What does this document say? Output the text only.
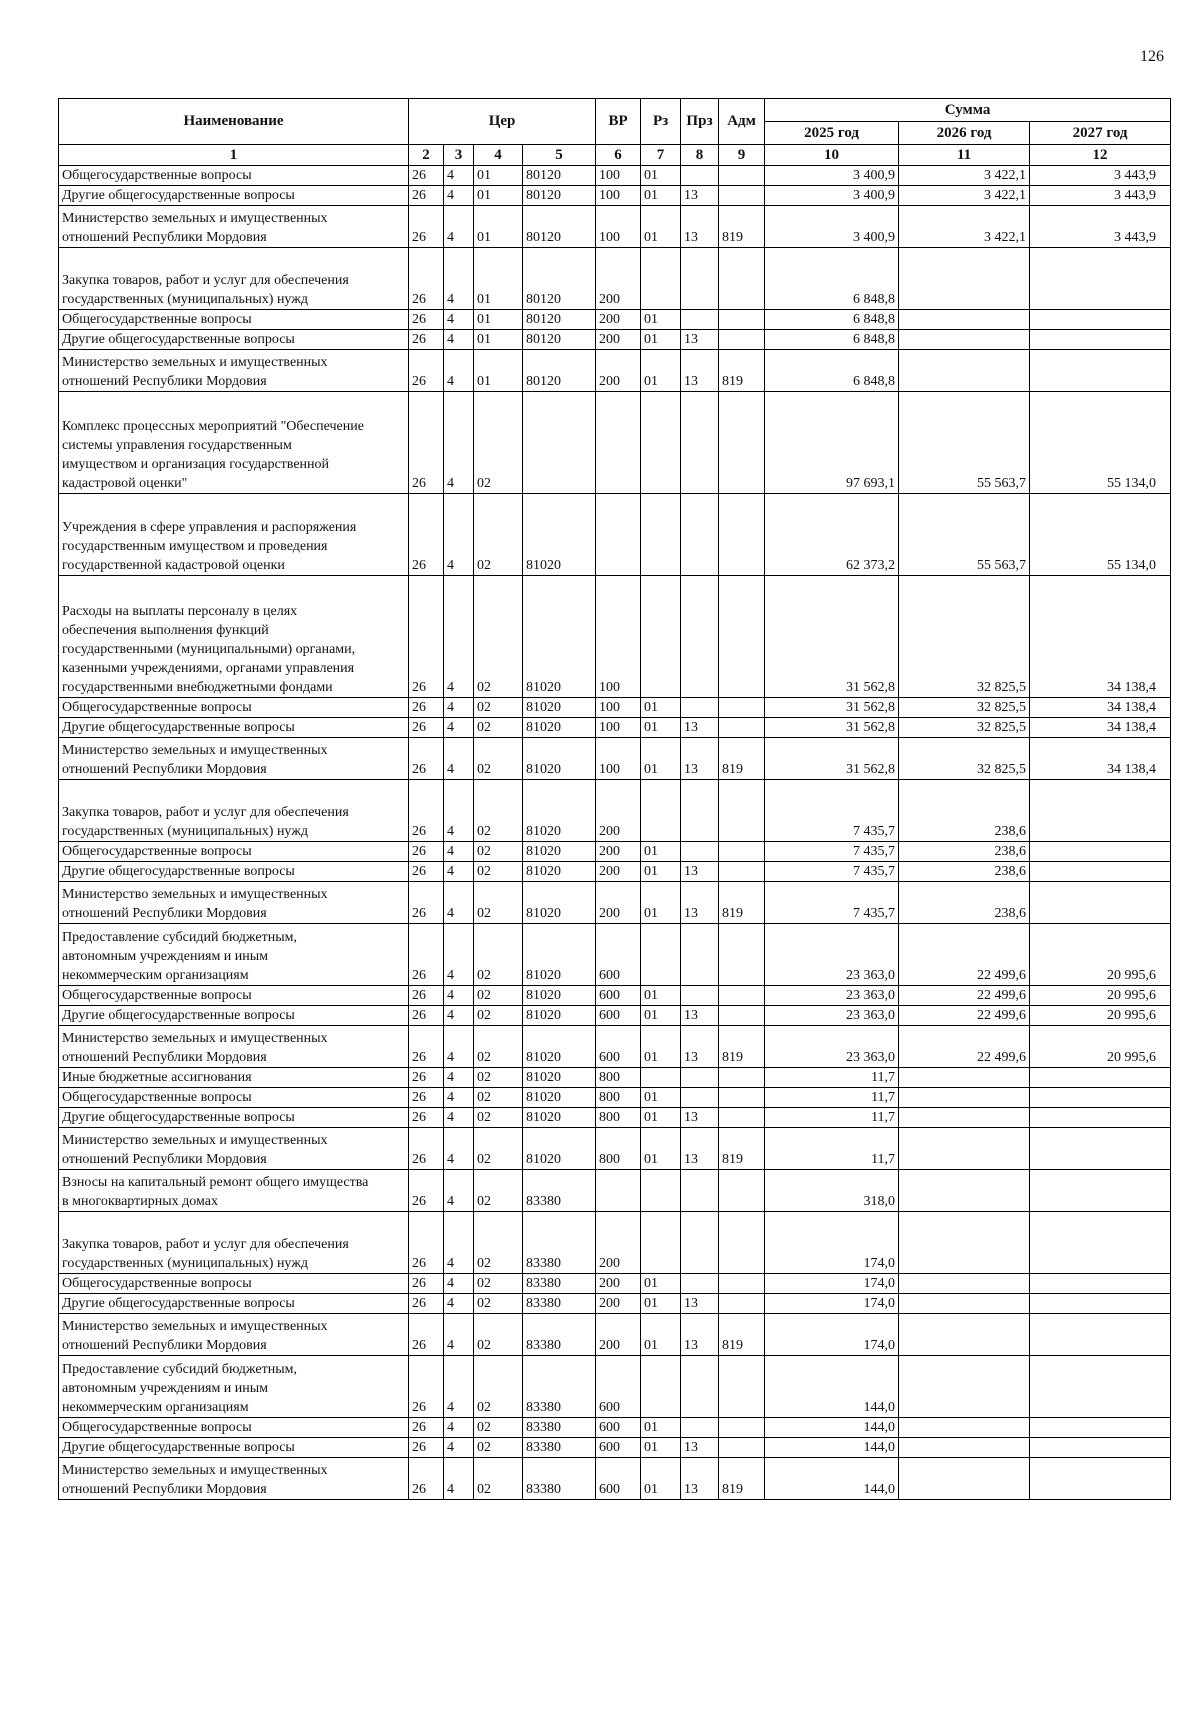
126
Наименование	Цер				ВР	Рз	Прз	Адм	Сумма		
									2025 год	2026 год	2027 год
1	2	3	4	5	6	7	8	9	10	11	12
Общегосударственные вопросы	26	4	01	80120	100	01			3 400,9	3 422,1	3 443,9
Другие общегосударственные вопросы	26	4	01	80120	100	01	13		3 400,9	3 422,1	3 443,9
Министерство земельных и имущественных
отношений Республики Мордовия	26	4	01	80120	100	01	13	819	3 400,9	3 422,1	3 443,9

Закупка товаров, работ и услуг для обеспечения
государственных (муниципальных) нужд	26	4	01	80120	200				6 848,8		
Общегосударственные вопросы	26	4	01	80120	200	01			6 848,8		
Другие общегосударственные вопросы	26	4	01	80120	200	01	13		6 848,8		
Министерство земельных и имущественных
отношений Республики Мордовия	26	4	01	80120	200	01	13	819	6 848,8		

Комплекс процессных мероприятий "Обеспечение
системы управления государственным
имуществом и организация государственной
кадастровой оценки"	26	4	02						97 693,1	55 563,7	55 134,0

Учреждения в сфере управления и распоряжения
государственным имуществом и проведения
государственной кадастровой оценки	26	4	02	81020					62 373,2	55 563,7	55 134,0

Расходы на выплаты персоналу в целях
обеспечения выполнения функций
государственными (муниципальными) органами,
казенными учреждениями, органами управления
государственными внебюджетными фондами	26	4	02	81020	100				31 562,8	32 825,5	34 138,4
Общегосударственные вопросы	26	4	02	81020	100	01			31 562,8	32 825,5	34 138,4
Другие общегосударственные вопросы	26	4	02	81020	100	01	13		31 562,8	32 825,5	34 138,4
Министерство земельных и имущественных
отношений Республики Мордовия	26	4	02	81020	100	01	13	819	31 562,8	32 825,5	34 138,4

Закупка товаров, работ и услуг для обеспечения
государственных (муниципальных) нужд	26	4	02	81020	200				7 435,7	238,6	
Общегосударственные вопросы	26	4	02	81020	200	01			7 435,7	238,6	
Другие общегосударственные вопросы	26	4	02	81020	200	01	13		7 435,7	238,6	
Министерство земельных и имущественных
отношений Республики Мордовия	26	4	02	81020	200	01	13	819	7 435,7	238,6	
Предоставление субсидий бюджетным,
автономным учреждениям и иным
некоммерческим организациям	26	4	02	81020	600				23 363,0	22 499,6	20 995,6
Общегосударственные вопросы	26	4	02	81020	600	01			23 363,0	22 499,6	20 995,6
Другие общегосударственные вопросы	26	4	02	81020	600	01	13		23 363,0	22 499,6	20 995,6
Министерство земельных и имущественных
отношений Республики Мордовия	26	4	02	81020	600	01	13	819	23 363,0	22 499,6	20 995,6
Иные бюджетные ассигнования	26	4	02	81020	800				11,7		
Общегосударственные вопросы	26	4	02	81020	800	01			11,7		
Другие общегосударственные вопросы	26	4	02	81020	800	01	13		11,7		
Министерство земельных и имущественных
отношений Республики Мордовия	26	4	02	81020	800	01	13	819	11,7		
Взносы на капитальный ремонт общего имущества
в многоквартирных домах	26	4	02	83380					318,0		

Закупка товаров, работ и услуг для обеспечения
государственных (муниципальных) нужд	26	4	02	83380	200				174,0		
Общегосударственные вопросы	26	4	02	83380	200	01			174,0		
Другие общегосударственные вопросы	26	4	02	83380	200	01	13		174,0		
Министерство земельных и имущественных
отношений Республики Мордовия	26	4	02	83380	200	01	13	819	174,0		
Предоставление субсидий бюджетным,
автономным учреждениям и иным
некоммерческим организациям	26	4	02	83380	600				144,0		
Общегосударственные вопросы	26	4	02	83380	600	01			144,0		
Другие общегосударственные вопросы	26	4	02	83380	600	01	13		144,0		
Министерство земельных и имущественных
отношений Республики Мордовия	26	4	02	83380	600	01	13	819	144,0		
